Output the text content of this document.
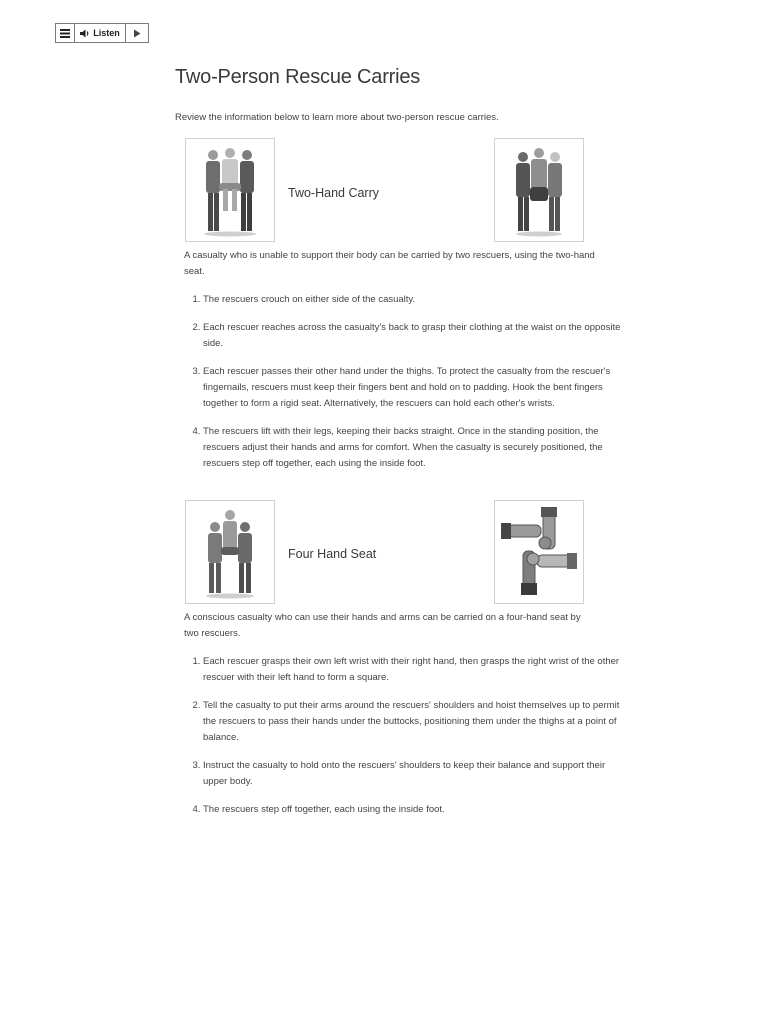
Listen
Two-Person Rescue Carries

Review the information below to learn more about two-person rescue carries.

Two-Hand Carry

A casualty who is unable to support their body can be carried by two rescuers, using the two-hand seat.

1. The rescuers crouch on either side of the casualty.
2. Each rescuer reaches across the casualty's back to grasp their clothing at the waist on the opposite side.
3. Each rescuer passes their other hand under the thighs. To protect the casualty from the rescuer's fingernails, rescuers must keep their fingers bent and hold on to padding. Hook the bent fingers together to form a rigid seat. Alternatively, the rescuers can hold each other's wrists.
4. The rescuers lift with their legs, keeping their backs straight. Once in the standing position, the rescuers adjust their hands and arms for comfort. When the casualty is securely positioned, the rescuers step off together, each using the inside foot.
Four Hand Seat

A conscious casualty who can use their hands and arms can be carried on a four-hand seat by two rescuers.

1. Each rescuer grasps their own left wrist with their right hand, then grasps the right wrist of the other rescuer with their left hand to form a square.
2. Tell the casualty to put their arms around the rescuers' shoulders and hoist themselves up to permit the rescuers to pass their hands under the buttocks, positioning them under the thighs at a point of balance.
3. Instruct the casualty to hold onto the rescuers' shoulders to keep their balance and support their upper body.
4. The rescuers step off together, each using the inside foot.
